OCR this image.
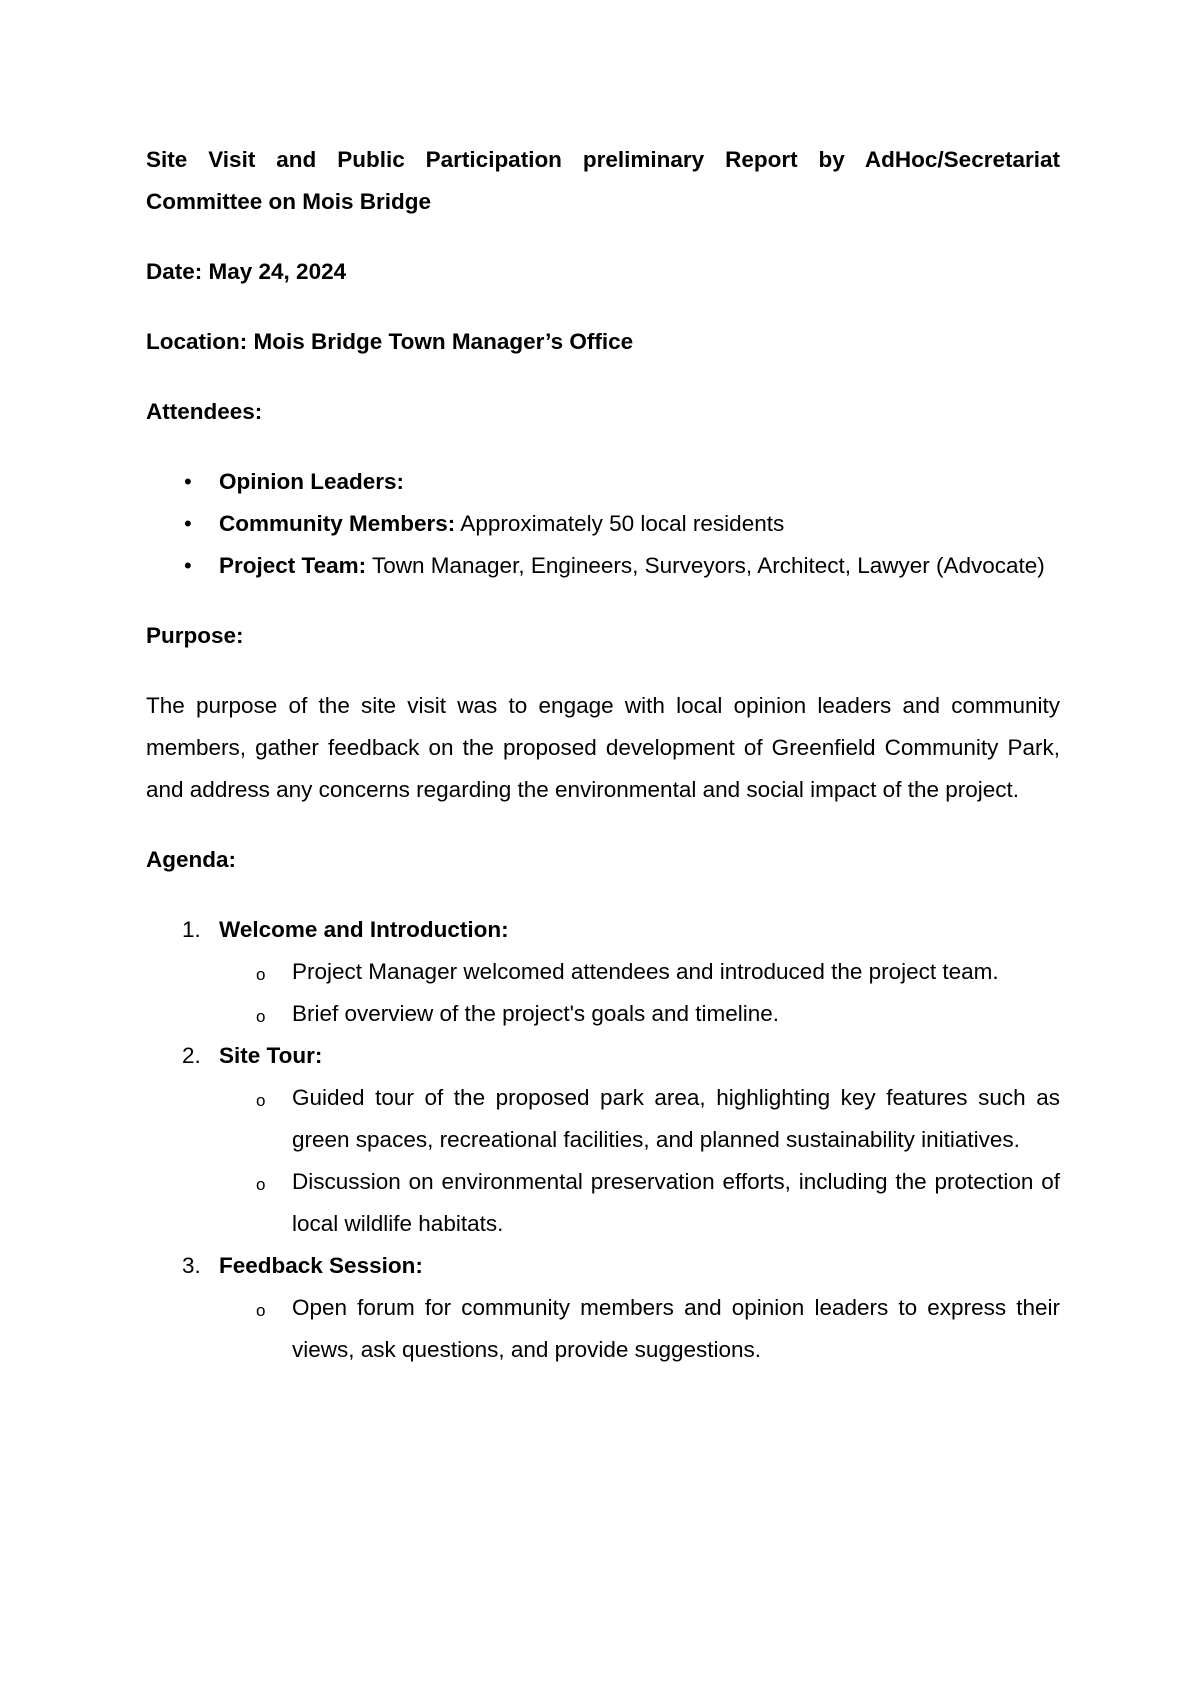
Site Visit and Public Participation preliminary Report by AdHoc/Secretariat Committee on Mois Bridge

Date: May 24, 2024

Location: Mois Bridge Town Manager’s Office

Attendees:

• Opinion Leaders:
• Community Members: Approximately 50 local residents
• Project Team: Town Manager, Engineers, Surveyors, Architect, Lawyer (Advocate)

Purpose:

The purpose of the site visit was to engage with local opinion leaders and community members, gather feedback on the proposed development of Greenfield Community Park, and address any concerns regarding the environmental and social impact of the project.

Agenda:

1. Welcome and Introduction:
o Project Manager welcomed attendees and introduced the project team.
o Brief overview of the project's goals and timeline.
2. Site Tour:
o Guided tour of the proposed park area, highlighting key features such as green spaces, recreational facilities, and planned sustainability initiatives.
o Discussion on environmental preservation efforts, including the protection of local wildlife habitats.
3. Feedback Session:
o Open forum for community members and opinion leaders to express their views, ask questions, and provide suggestions.
